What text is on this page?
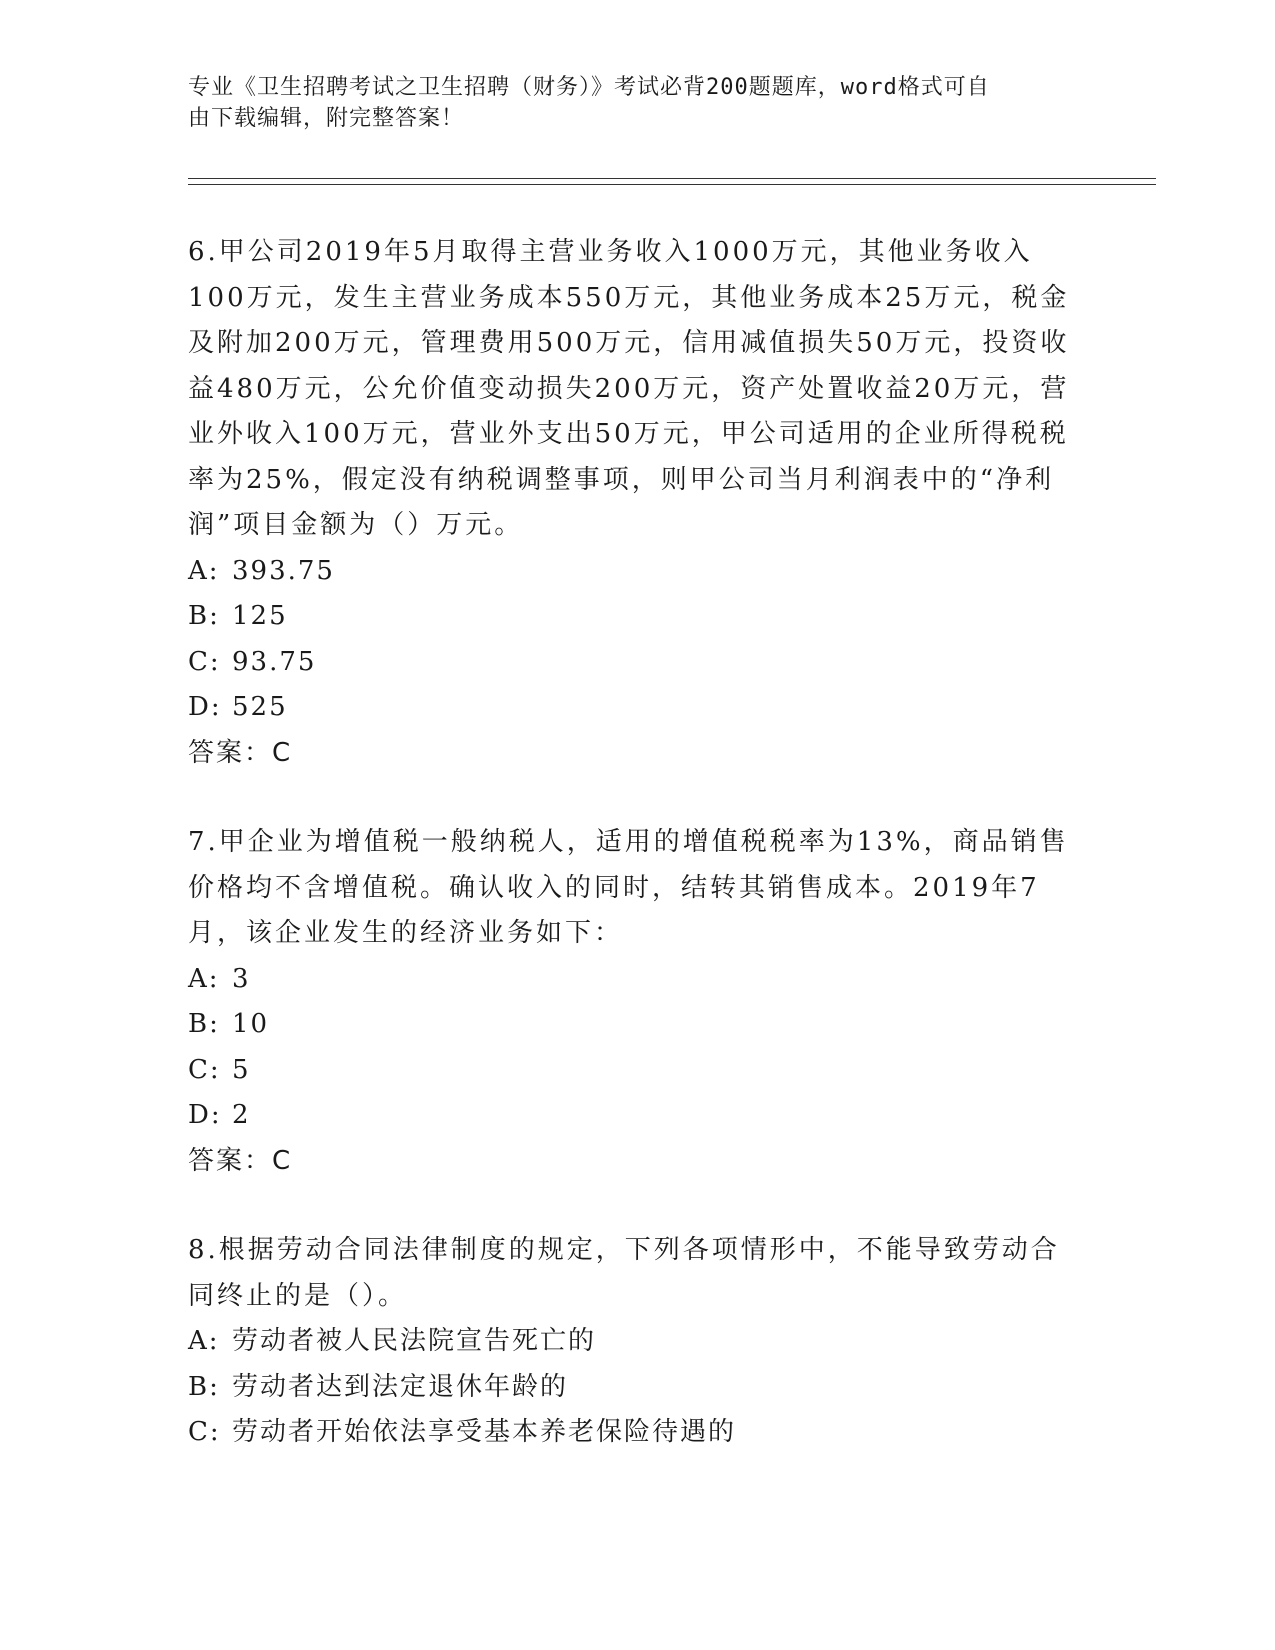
专业《卫生招聘考试之卫生招聘（财务）》考试必背200题题库，word格式可自
由下载编辑，附完整答案！

6.甲公司2019年5月取得主营业务收入1000万元，其他业务收入100万元，发生主营业务成本550万元，其他业务成本25万元，税金及附加200万元，管理费用500万元，信用减值损失50万元，投资收益480万元，公允价值变动损失200万元，资产处置收益20万元，营业外收入100万元，营业外支出50万元，甲公司适用的企业所得税税率为25%，假定没有纳税调整事项，则甲公司当月利润表中的“净利润”项目金额为（）万元。

A: 393.75
B: 125
C: 93.75
D: 525
答案：C

7.甲企业为增值税一般纳税人，适用的增值税税率为13%，商品销售价格均不含增值税。确认收入的同时，结转其销售成本。2019年7月，该企业发生的经济业务如下：

A: 3
B: 10
C: 5
D: 2
答案：C

8.根据劳动合同法律制度的规定，下列各项情形中，不能导致劳动合同终止的是（）。

A: 劳动者被人民法院宣告死亡的
B: 劳动者达到法定退休年龄的
C: 劳动者开始依法享受基本养老保险待遇的
